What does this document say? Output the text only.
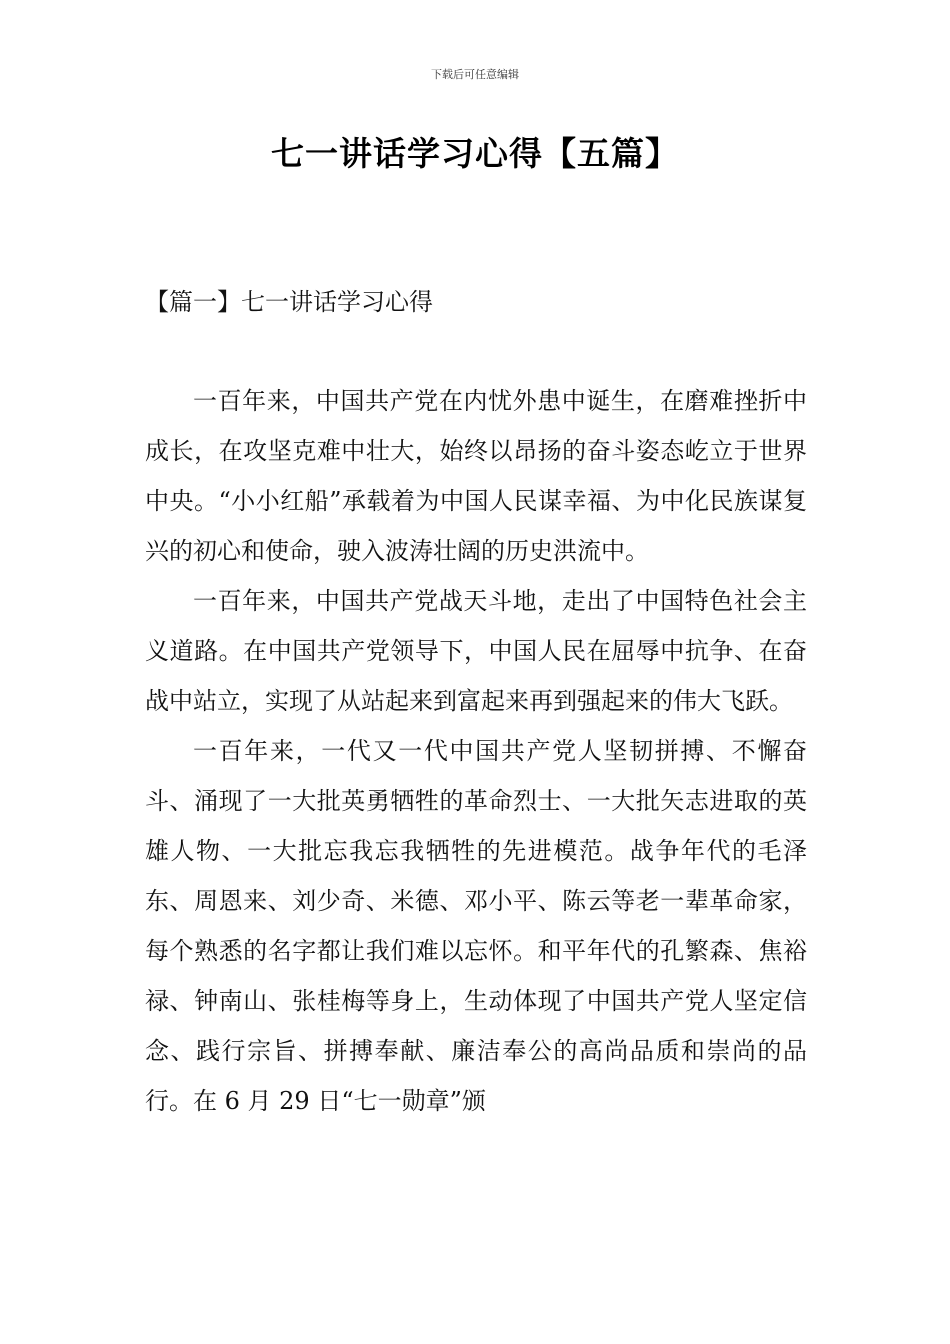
下载后可任意编辑
七一讲话学习心得【五篇】
【篇一】七一讲话学习心得

一百年来，中国共产党在内忧外患中诞生，在磨难挫折中成长，在攻坚克难中壮大，始终以昂扬的奋斗姿态屹立于世界中央。“小小红船”承载着为中国人民谋幸福、为中化民族谋复兴的初心和使命，驶入波涛壮阔的历史洪流中。

一百年来，中国共产党战天斗地，走出了中国特色社会主义道路。在中国共产党领导下，中国人民在屈辱中抗争、在奋战中站立，实现了从站起来到富起来再到强起来的伟大飞跃。

一百年来，一代又一代中国共产党人坚韧拼搏、不懈奋斗、涌现了一大批英勇牺牲的革命烈士、一大批矢志进取的英雄人物、一大批忘我忘我牺牲的先进模范。战争年代的毛泽东、周恩来、刘少奇、米德、邓小平、陈云等老一辈革命家，每个熟悉的名字都让我们难以忘怀。和平年代的孔繁森、焦裕禄、钟南山、张桂梅等身上，生动体现了中国共产党人坚定信念、践行宗旨、拼搏奉献、廉洁奉公的高尚品质和崇尚的品行。在 6 月 29 日“七一勋章”颁
